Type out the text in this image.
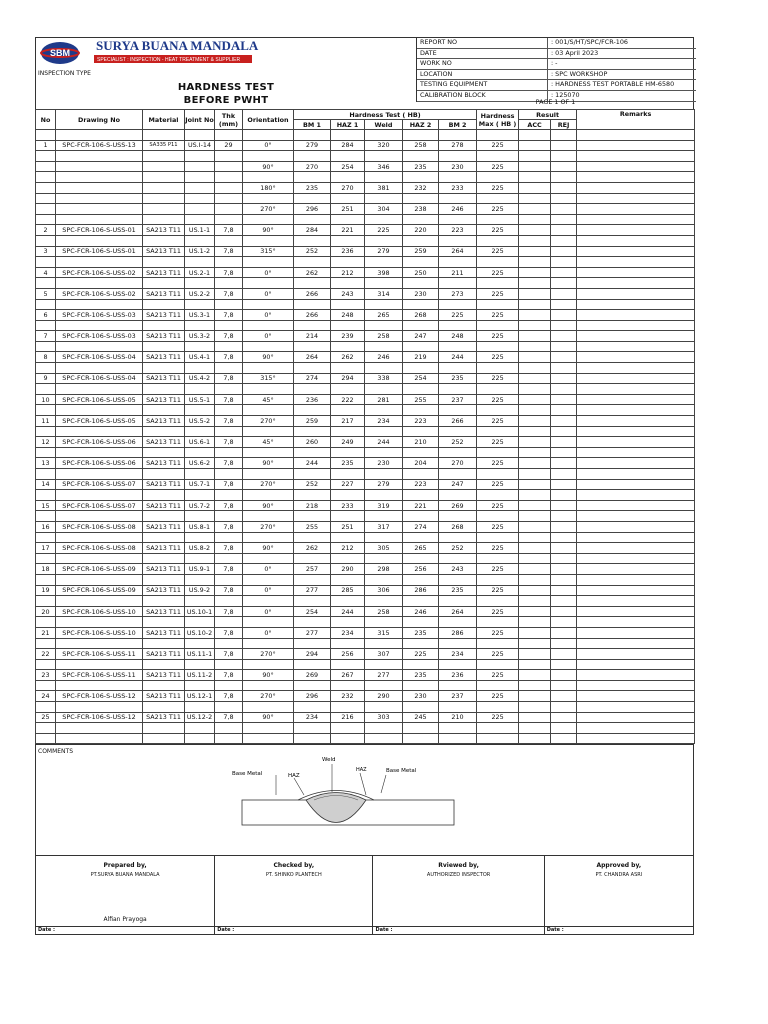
SBM SURYA BUANA MANDALA
SPECIALIST : INSPECTION - HEAT TREATMENT & SUPPLIER
INSPECTION TYPE
HARDNESS TEST
BEFORE PWHT
REPORT NO	: 001/S/HT/SPC/FCR-106
DATE	: 03 April 2023
WORK NO	: -
LOCATION	: SPC WORKSHOP
TESTING EQUIPMENT	: HARDNESS TEST PORTABLE HM-6580
CALIBRATION BLOCK	: 125070
PAGE 1 OF 1
No	Drawing No	Material	Joint No	Thk (mm)	Orientation	Hardness Test ( HB)					Hardness Max ( HB )	Result		Remarks
						BM 1	HAZ 1	Weld	HAZ 2	BM 2		ACC	REJ	

1	SPC-FCR-106-S-USS-13	SA335 P11	US.I-14	29	0°	279	284	320	258	278	225			

					90°	270	254	346	235	230	225			

					180°	235	270	381	232	233	225			

					270°	296	251	304	238	246	225			

2	SPC-FCR-106-S-USS-01	SA213 T11	US.1-1	7,8	90°	284	221	225	220	223	225			

3	SPC-FCR-106-S-USS-01	SA213 T11	US.1-2	7,8	315°	252	236	279	259	264	225			

4	SPC-FCR-106-S-USS-02	SA213 T11	US.2-1	7,8	0°	262	212	398	250	211	225			

5	SPC-FCR-106-S-USS-02	SA213 T11	US.2-2	7,8	0°	266	243	314	230	273	225			

6	SPC-FCR-106-S-USS-03	SA213 T11	US.3-1	7,8	0°	266	248	265	268	225	225			

7	SPC-FCR-106-S-USS-03	SA213 T11	US.3-2	7,8	0°	214	239	258	247	248	225			

8	SPC-FCR-106-S-USS-04	SA213 T11	US.4-1	7,8	90°	264	262	246	219	244	225			

9	SPC-FCR-106-S-USS-04	SA213 T11	US.4-2	7,8	315°	274	294	338	254	235	225			

10	SPC-FCR-106-S-USS-05	SA213 T11	US.5-1	7,8	45°	236	222	281	255	237	225			

11	SPC-FCR-106-S-USS-05	SA213 T11	US.5-2	7,8	270°	259	217	234	223	266	225			

12	SPC-FCR-106-S-USS-06	SA213 T11	US.6-1	7,8	45°	260	249	244	210	252	225			

13	SPC-FCR-106-S-USS-06	SA213 T11	US.6-2	7,8	90°	244	235	230	204	270	225			

14	SPC-FCR-106-S-USS-07	SA213 T11	US.7-1	7,8	270°	252	227	279	223	247	225			

15	SPC-FCR-106-S-USS-07	SA213 T11	US.7-2	7,8	90°	218	233	319	221	269	225			

16	SPC-FCR-106-S-USS-08	SA213 T11	US.8-1	7,8	270°	255	251	317	274	268	225			

17	SPC-FCR-106-S-USS-08	SA213 T11	US.8-2	7,8	90°	262	212	305	265	252	225			

18	SPC-FCR-106-S-USS-09	SA213 T11	US.9-1	7,8	0°	257	290	298	256	243	225			

19	SPC-FCR-106-S-USS-09	SA213 T11	US.9-2	7,8	0°	277	285	306	286	235	225			

20	SPC-FCR-106-S-USS-10	SA213 T11	US.10-1	7,8	0°	254	244	258	246	264	225			

21	SPC-FCR-106-S-USS-10	SA213 T11	US.10-2	7,8	0°	277	234	315	235	286	225			

22	SPC-FCR-106-S-USS-11	SA213 T11	US.11-1	7,8	270°	294	256	307	225	234	225			

23	SPC-FCR-106-S-USS-11	SA213 T11	US.11-2	7,8	90°	269	267	277	235	236	225			

24	SPC-FCR-106-S-USS-12	SA213 T11	US.12-1	7,8	270°	296	232	290	230	237	225			

25	SPC-FCR-106-S-USS-12	SA213 T11	US.12-2	7,8	90°	234	216	303	245	210	225			

COMMENTS
Base Metal	HAZ
Weld
HAZ	Base Metal
Prepared by,
PT.SURYA BUANA MANDALA
Alfian Prayoga
Checked by,
PT. SHINKO PLANTECH
Rviewed by,
AUTHORIZED INSPECTOR
Approved by,
PT. CHANDRA ASRI
Date :	Date :	Date :	Date :
